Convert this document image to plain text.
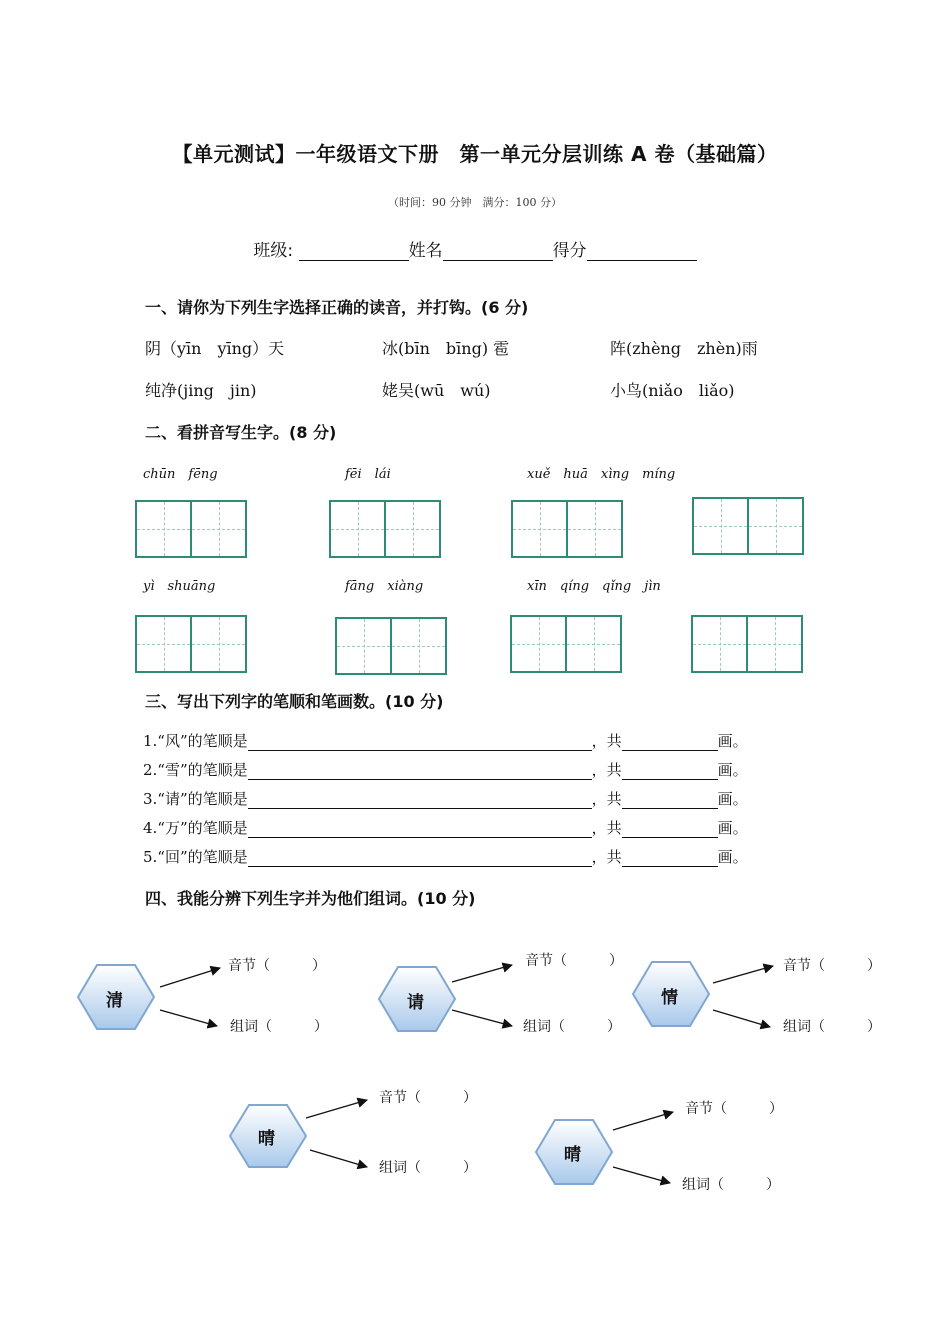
【单元测试】一年级语文下册　第一单元分层训练 A 卷（基础篇）
（时间：90 分钟　满分：100 分）
班级:	姓名	得分
一、请你为下列生字选择正确的读音，并打钩。(6 分)
阴（yīn　yīng）天	冰(bīn　bīng) 雹	阵(zhèng　zhèn)雨
纯净(jing　jin)	姥吴(wū　wú)	小鸟(niǎo　liǎo)
二、看拼音写生字。(8 分)
chūn　fēng	fēi　lái	xuě　huā　xìng　míng
yì　shuāng	fāng　xiàng	xīn　qíng　qǐng　jìn
三、写出下列字的笔顺和笔画数。(10 分)
1.“风”的笔顺是	，共	画。
2.“雪”的笔顺是	，共	画。
3.“请”的笔顺是	，共	画。
4.“万”的笔顺是	，共	画。
5.“回”的笔顺是	，共	画。
四、我能分辨下列生字并为他们组词。(10 分)
清	请	情
晴
晴
音节（　　　）
组词（　　　）
音节（　　　）
组词（　　　）
音节（　　　）
组词（　　　）
音节（　　　）
组词（　　　）
音节（　　　）
组词（　　　）
